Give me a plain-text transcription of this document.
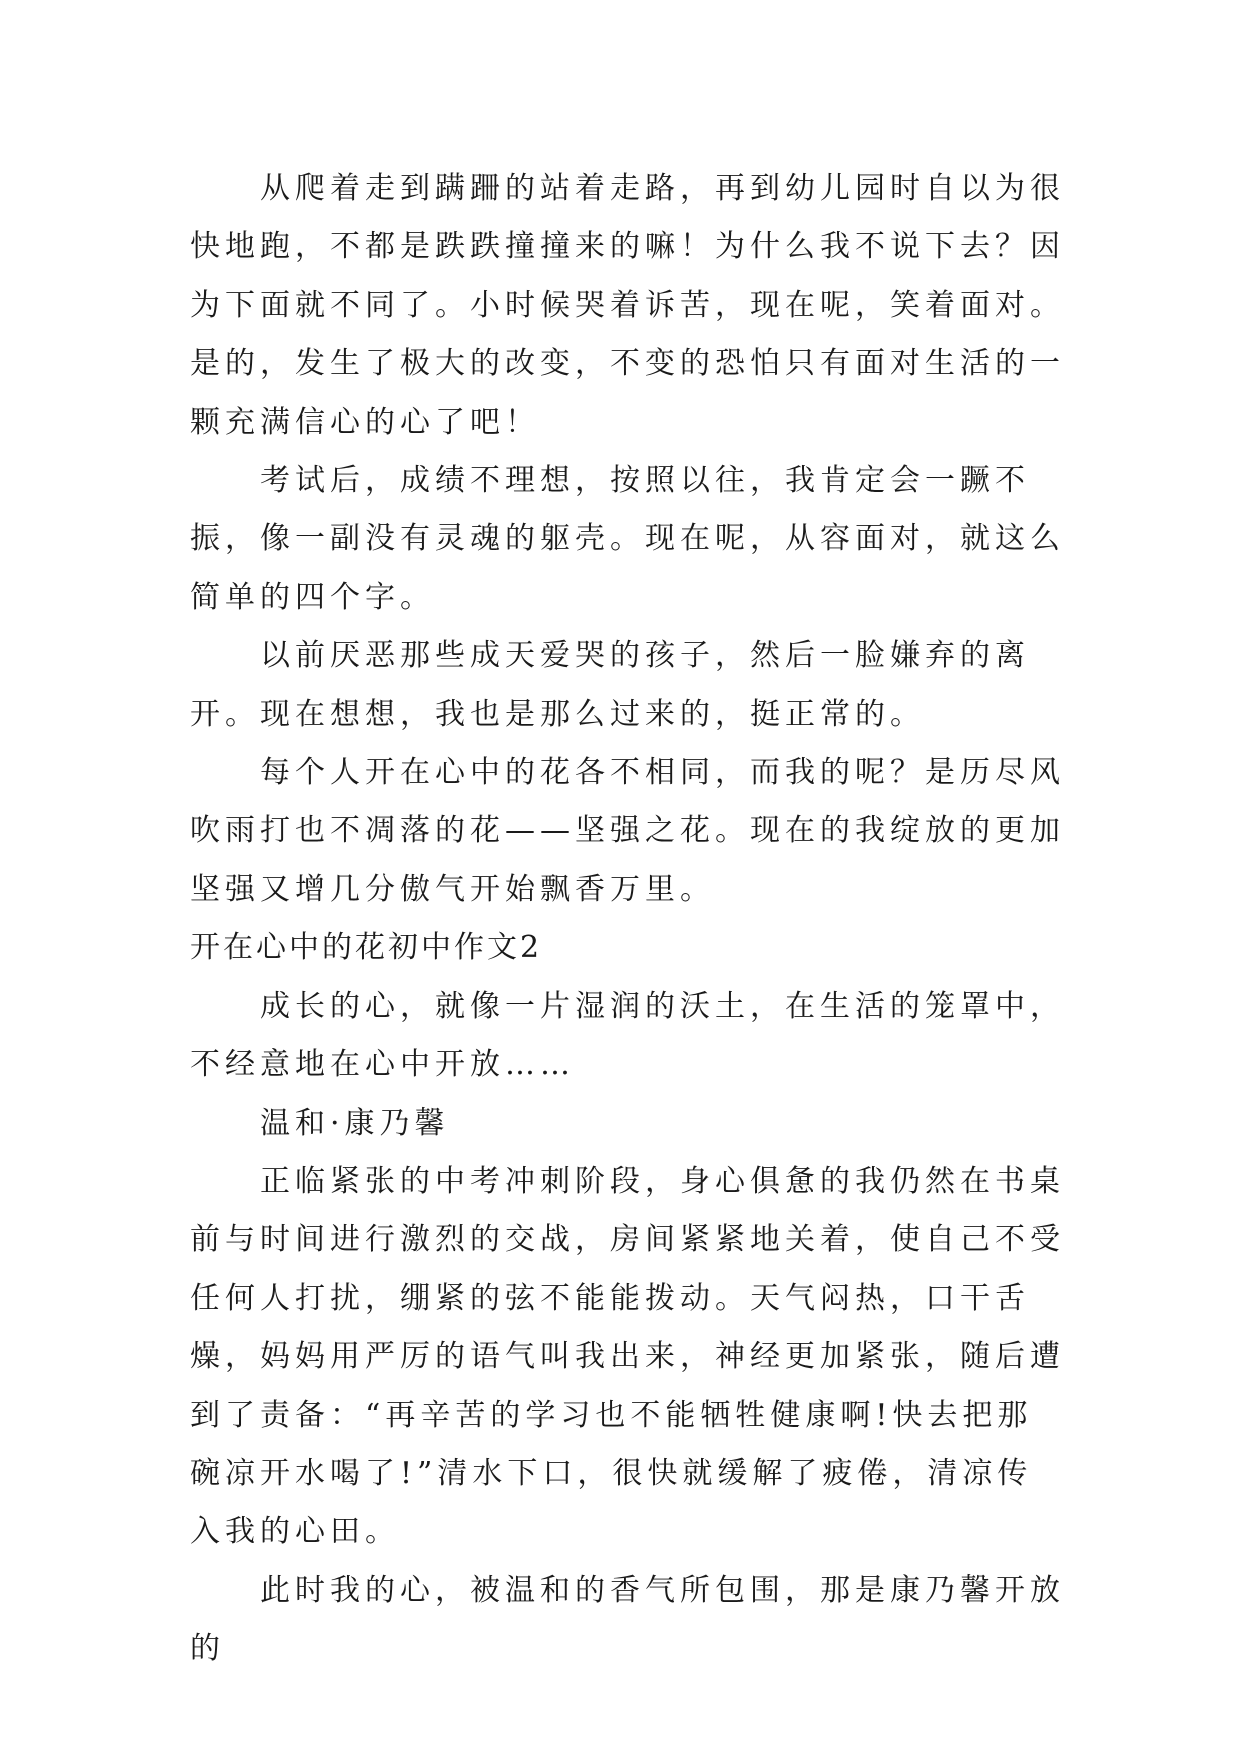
从爬着走到蹒跚的站着走路，再到幼儿园时自以为很快地跑，不都是跌跌撞撞来的嘛！为什么我不说下去？因为下面就不同了。小时候哭着诉苦，现在呢，笑着面对。是的，发生了极大的改变，不变的恐怕只有面对生活的一颗充满信心的心了吧！

考试后，成绩不理想，按照以往，我肯定会一蹶不振，像一副没有灵魂的躯壳。现在呢，从容面对，就这么简单的四个字。

以前厌恶那些成天爱哭的孩子，然后一脸嫌弃的离开。现在想想，我也是那么过来的，挺正常的。

每个人开在心中的花各不相同，而我的呢？是历尽风吹雨打也不凋落的花——坚强之花。现在的我绽放的更加坚强又增几分傲气开始飘香万里。

开在心中的花初中作文2

成长的心，就像一片湿润的沃土，在生活的笼罩中，不经意地在心中开放……

温和·康乃馨

正临紧张的中考冲刺阶段，身心俱惫的我仍然在书桌前与时间进行激烈的交战，房间紧紧地关着，使自己不受任何人打扰，绷紧的弦不能能拨动。天气闷热，口干舌燥，妈妈用严厉的语气叫我出来，神经更加紧张，随后遭到了责备：“再辛苦的学习也不能牺牲健康啊!快去把那碗凉开水喝了!”清水下口，很快就缓解了疲倦，清凉传入我的心田。

此时我的心，被温和的香气所包围，那是康乃馨开放的
